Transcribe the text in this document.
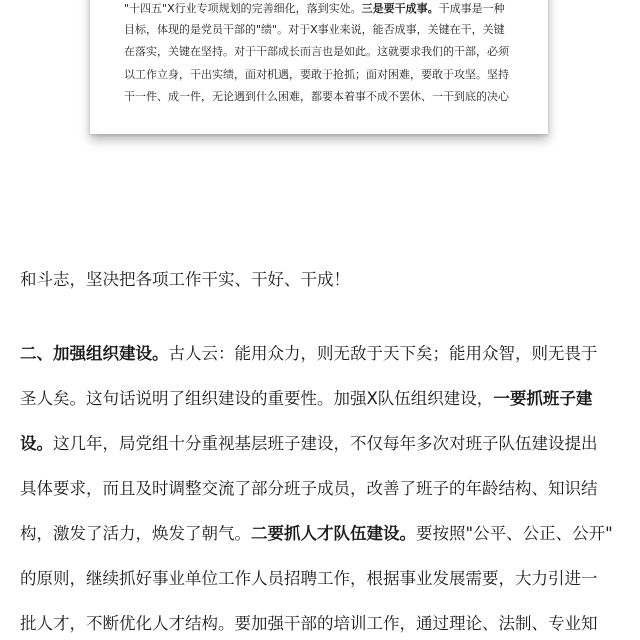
"十四五"X行业专项规划的完善细化，落到实处。三是要干成事。干成事是一种
目标，体现的是党员干部的"绩"。对于X事业来说，能否成事，关键在干，关键
在落实，关键在坚持。对于干部成长而言也是如此。这就要求我们的干部，必须
以工作立身，干出实绩，面对机遇，要敢于抢抓；面对困难，要敢于攻坚。坚持
干一件、成一件，无论遇到什么困难，都要本着事不成不罢休、一干到底的决心
和斗志，坚决把各项工作干实、干好、干成！
二、加强组织建设。古人云：能用众力，则无敌于天下矣；能用众智，则无畏于
圣人矣。这句话说明了组织建设的重要性。加强X队伍组织建设，一要抓班子建
设。这几年，局党组十分重视基层班子建设，不仅每年多次对班子队伍建设提出
具体要求，而且及时调整交流了部分班子成员，改善了班子的年龄结构、知识结
构，激发了活力，焕发了朝气。二要抓人才队伍建设。要按照"公平、公正、公开"
的原则，继续抓好事业单位工作人员招聘工作，根据事业发展需要，大力引进一
批人才，不断优化人才结构。要加强干部的培训工作，通过理论、法制、专业知
